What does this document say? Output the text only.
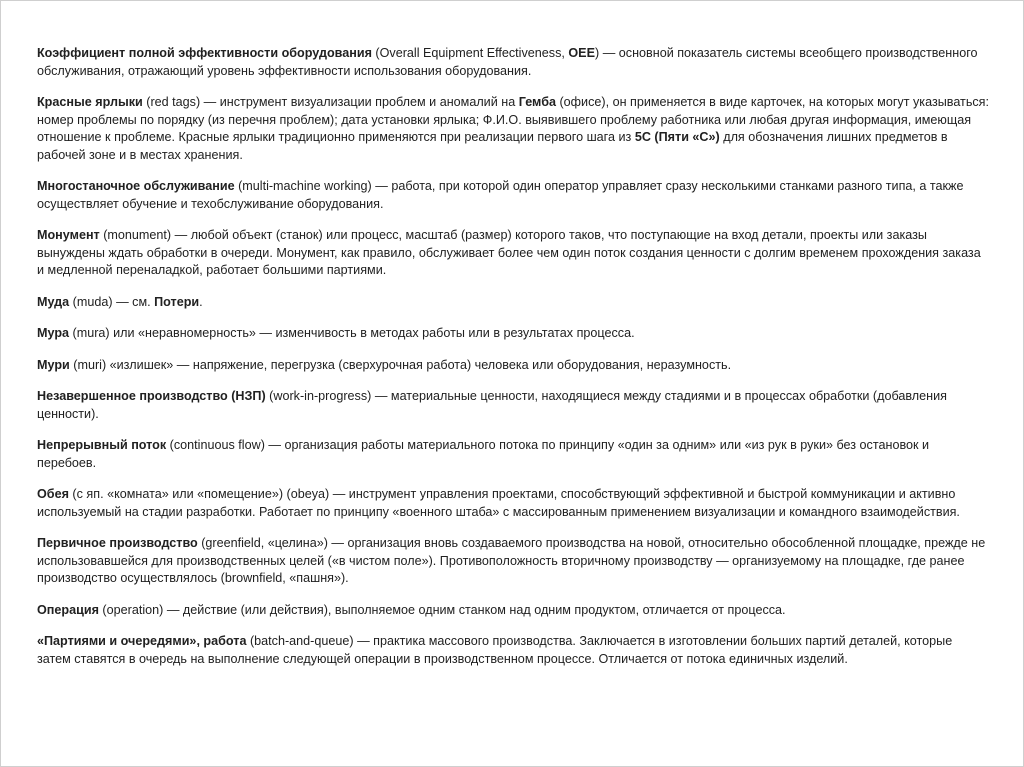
Коэффициент полной эффективности оборудования (Overall Equipment Effectiveness, ОЕЕ) — основной показатель системы всеобщего производственного обслуживания, отражающий уровень эффективности использования оборудования.

Красные ярлыки (red tags) — инструмент визуализации проблем и аномалий на Гемба (офисе), он применяется в виде карточек, на которых могут указываться: номер проблемы по порядку (из перечня проблем); дата установки ярлыка; Ф.И.О. выявившего проблему работника или любая другая информация, имеющая отношение к проблеме. Красные ярлыки традиционно применяются при реализации первого шага из 5С (Пяти «С») для обозначения лишних предметов в рабочей зоне и в местах хранения.

Многостаночное обслуживание (multi-machine working) — работа, при которой один оператор управляет сразу несколькими станками разного типа, а также осуществляет обучение и техобслуживание оборудования.

Монумент (monument) — любой объект (станок) или процесс, масштаб (размер) которого таков, что поступающие на вход детали, проекты или заказы вынуждены ждать обработки в очереди. Монумент, как правило, обслуживает более чем один поток создания ценности с долгим временем прохождения заказа и медленной переналадкой, работает большими партиями.

Муда (muda) — см. Потери.

Мура (mura) или «неравномерность» — изменчивость в методах работы или в результатах процесса.

Мури (muri) «излишек» — напряжение, перегрузка (сверхурочная работа) человека или оборудования, неразумность.

Незавершенное производство (НЗП) (work-in-progress) — материальные ценности, находящиеся между стадиями и в процессах обработки (добавления ценности).

Непрерывный поток (continuous flow) — организация работы материального потока по принципу «один за одним» или «из рук в руки» без остановок и перебоев.

Обея (с яп. «комната» или «помещение») (obeya) — инструмент управления проектами, способствующий эффективной и быстрой коммуникации и активно используемый на стадии разработки. Работает по принципу «военного штаба» с массированным применением визуализации и командного взаимодействия.

Первичное производство (greenfield, «целина») — организация вновь создаваемого производства на новой, относительно обособленной площадке, прежде не использовавшейся для производственных целей («в чистом поле»). Противоположность вторичному производству — организуемому на площадке, где ранее производство осуществлялось (brownfield, «пашня»).

Операция (operation) — действие (или действия), выполняемое одним станком над одним продуктом, отличается от процесса.

«Партиями и очередями», работа (batch-and-queue) — практика массового производства. Заключается в изготовлении больших партий деталей, которые затем ставятся в очередь на выполнение следующей операции в производственном процессе. Отличается от потока единичных изделий.
